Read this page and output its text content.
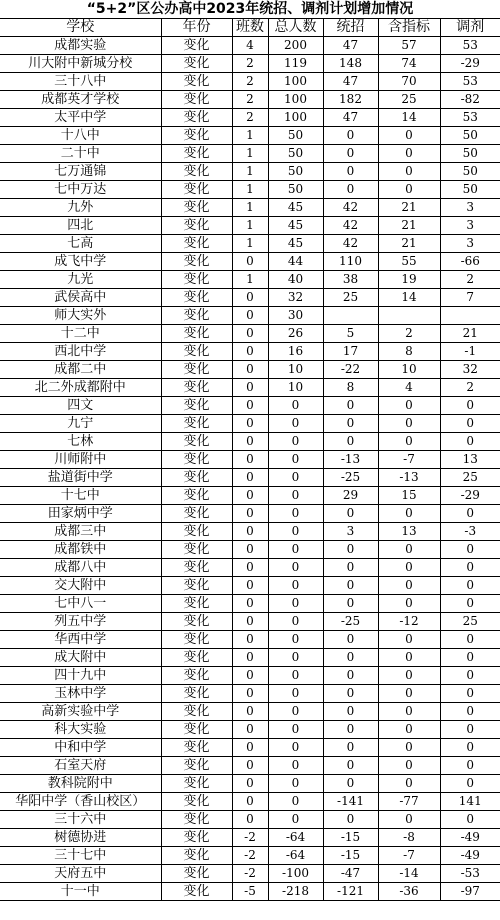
“5+2”区公办高中2023年统招、调剂计划增加情况
学校	年份	班数	总人数	统招	含指标	调剂
成都实验	变化	4	200	47	57	53
川大附中新城分校	变化	2	119	148	74	-29
三十八中	变化	2	100	47	70	53
成都英才学校	变化	2	100	182	25	-82
太平中学	变化	2	100	47	14	53
十八中	变化	1	50	0	0	50
二十中	变化	1	50	0	0	50
七万通锦	变化	1	50	0	0	50
七中万达	变化	1	50	0	0	50
九外	变化	1	45	42	21	3
四北	变化	1	45	42	21	3
七高	变化	1	45	42	21	3
成飞中学	变化	0	44	110	55	-66
九光	变化	1	40	38	19	2
武侯高中	变化	0	32	25	14	7
师大实外	变化	0	30			
十二中	变化	0	26	5	2	21
西北中学	变化	0	16	17	8	-1
成都二中	变化	0	10	-22	10	32
北二外成都附中	变化	0	10	8	4	2
四文	变化	0	0	0	0	0
九宁	变化	0	0	0	0	0
七林	变化	0	0	0	0	0
川师附中	变化	0	0	-13	-7	13
盐道街中学	变化	0	0	-25	-13	25
十七中	变化	0	0	29	15	-29
田家炳中学	变化	0	0	0	0	0
成都三中	变化	0	0	3	13	-3
成都铁中	变化	0	0	0	0	0
成都八中	变化	0	0	0	0	0
交大附中	变化	0	0	0	0	0
七中八一	变化	0	0	0	0	0
列五中学	变化	0	0	-25	-12	25
华西中学	变化	0	0	0	0	0
成大附中	变化	0	0	0	0	0
四十九中	变化	0	0	0	0	0
玉林中学	变化	0	0	0	0	0
高新实验中学	变化	0	0	0	0	0
科大实验	变化	0	0	0	0	0
中和中学	变化	0	0	0	0	0
石室天府	变化	0	0	0	0	0
教科院附中	变化	0	0	0	0	0
华阳中学（香山校区）	变化	0	0	-141	-77	141
三十六中	变化	0	0	0	0	0
树德协进	变化	-2	-64	-15	-8	-49
三十七中	变化	-2	-64	-15	-7	-49
天府五中	变化	-2	-100	-47	-14	-53
十一中	变化	-5	-218	-121	-36	-97
